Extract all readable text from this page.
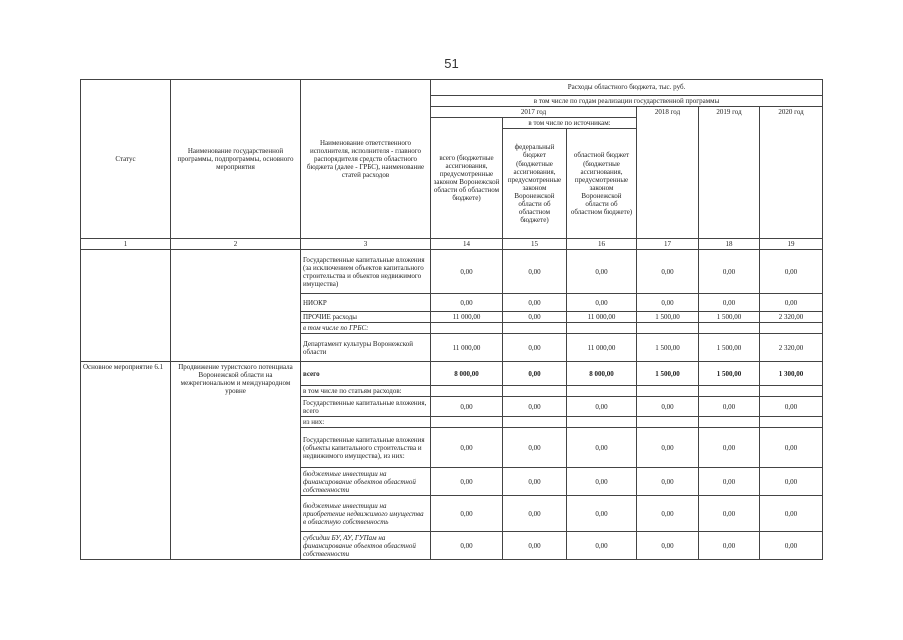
51
Статус	Наименование государственной программы, подпрограммы, основного мероприятия	Наименование ответственного исполнителя, исполнителя - главного распорядителя средств областного бюджета (далее - ГРБС), наименование статей расходов	Расходы областного бюджета, тыс. руб.					
			в том числе по годам реализации государственной программы					
			2017 год			2018 год	2019 год	2020 год
			всего (бюджетные ассигнования, предусмотренные законом Воронежской области об областном бюджете)	в том числе по источникам:				
				федеральный бюджет (бюджетные ассигнования, предусмотренные законом Воронежской области об областном бюджете)	областной бюджет (бюджетные ассигнования, предусмотренные законом Воронежской области об областном бюджете)			

1	2	3	14	15	16	17	18	19
		Государственные капитальные вложения (за исключением объектов капитального строительства и объектов недвижимого имущества)	0,00	0,00	0,00	0,00	0,00	0,00
		НИОКР	0,00	0,00	0,00	0,00	0,00	0,00
		ПРОЧИЕ расходы	11 000,00	0,00	11 000,00	1 500,00	1 500,00	2 320,00
		в том числе по ГРБС:						
		Департамент культуры Воронежской области	11 000,00	0,00	11 000,00	1 500,00	1 500,00	2 320,00
Основное мероприятие 6.1	Продвижение туристского потенциала Воронежской области на межрегиональном и международном уровне	всего	8 000,00	0,00	8 000,00	1 500,00	1 500,00	1 300,00
		в том числе по статьям расходов:						
		Государственные капитальные вложения, всего	0,00	0,00	0,00	0,00	0,00	0,00
		из них:						
		Государственные капитальные вложения (объекты капитального строительства и недвижимого имущества), из них:	0,00	0,00	0,00	0,00	0,00	0,00
		бюджетные инвестиции на финансирование объектов областной собственности	0,00	0,00	0,00	0,00	0,00	0,00
		бюджетные инвестиции на приобретение недвижимого имущества в областную собственность	0,00	0,00	0,00	0,00	0,00	0,00
		субсидии БУ, АУ, ГУПам на финансирование объектов областной собственности	0,00	0,00	0,00	0,00	0,00	0,00
